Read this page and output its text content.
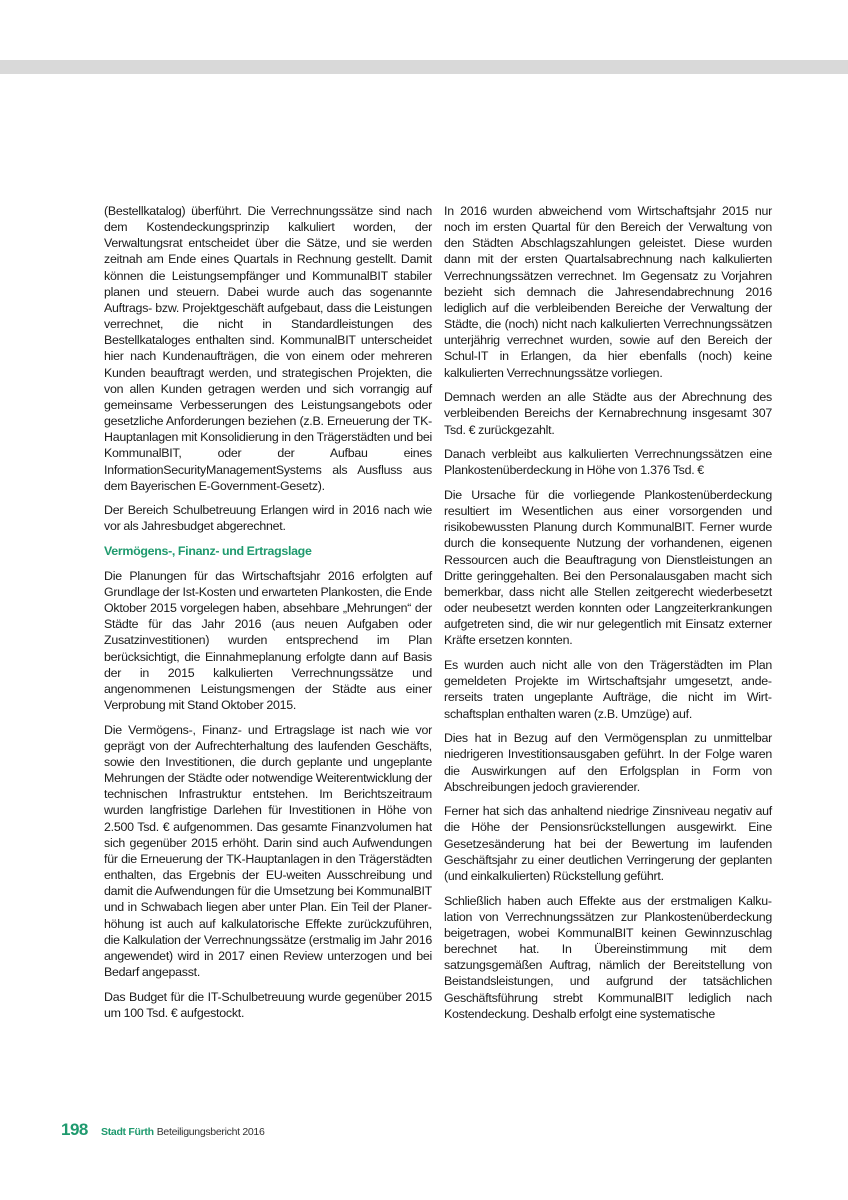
(Bestellkatalog) überführt. Die Verrechnungssätze sind nach dem Kostendeckungsprinzip kalkuliert worden, der Verwaltungsrat entscheidet über die Sätze, und sie werden zeitnah am Ende eines Quartals in Rechnung gestellt. Damit können die Leistungsempfänger und KommunalBIT stabiler planen und steuern. Dabei wurde auch das sogenannte Auftrags- bzw. Projektgeschäft aufgebaut, dass die Leistungen verrechnet, die nicht in Standardleistungen des Bestellkataloges enthalten sind. KommunalBIT unterscheidet hier nach Kundenaufträgen, die von einem oder mehreren Kunden beauftragt werden, und strategischen Projekten, die von allen Kunden getragen werden und sich vorrangig auf gemeinsame Verbesserungen des Leistungsangebots oder gesetzliche Anforderungen beziehen (z.B. Erneuerung der TK-Hauptanlagen mit Konsolidierung in den Trägerstädten und bei KommunalBIT, oder der Aufbau eines InformationSecurityManagementSystems als Ausfluss aus dem Bayerischen E-Government-Gesetz).

Der Bereich Schulbetreuung Erlangen wird in 2016 nach wie vor als Jahresbudget abgerechnet.

Vermögens-, Finanz- und Ertragslage

Die Planungen für das Wirtschaftsjahr 2016 erfolgten auf Grundlage der Ist-Kosten und erwarteten Plankosten, die Ende Oktober 2015 vorgelegen haben, absehbare „Mehrungen“ der Städte für das Jahr 2016 (aus neuen Aufgaben oder Zusatzinvestitionen) wurden entsprechend im Plan berücksichtigt, die Einnahmeplanung erfolgte dann auf Basis der in 2015 kalkulierten Verrechnungssätze und angenommenen Leistungsmengen der Städte aus einer Verprobung mit Stand Oktober 2015.

Die Vermögens-, Finanz- und Ertragslage ist nach wie vor geprägt von der Aufrechterhaltung des laufenden Geschäfts, sowie den Investitionen, die durch geplante und ungeplante Mehrungen der Städte oder notwendige Weiterentwicklung der technischen Infrastruktur entstehen. Im Berichtszeitraum wurden langfristige Darlehen für Investitionen in Höhe von 2.500 Tsd. € aufgenommen. Das gesamte Finanzvolumen hat sich gegenüber 2015 erhöht. Darin sind auch Aufwendungen für die Erneuerung der TK-Hauptanlagen in den Trägerstädten enthalten, das Ergebnis der EU-weiten Ausschreibung und damit die Aufwendungen für die Umsetzung bei KommunalBIT und in Schwabach liegen aber unter Plan. Ein Teil der Planerhöhung ist auch auf kalkulatorische Effekte zurückzuführen, die Kalkulation der Verrechnungssätze (erstmalig im Jahr 2016 angewendet) wird in 2017 einen Review unterzogen und bei Bedarf angepasst.

Das Budget für die IT-Schulbetreuung wurde gegenüber 2015 um 100 Tsd. € aufgestockt.

In 2016 wurden abweichend vom Wirtschaftsjahr 2015 nur noch im ersten Quartal für den Bereich der Verwaltung von den Städten Abschlagszahlungen geleistet. Diese wurden dann mit der ersten Quartalsabrechnung nach kalkulierten Verrechnungssätzen verrechnet. Im Gegensatz zu Vorjahren bezieht sich demnach die Jahresendabrechnung 2016 lediglich auf die verbleibenden Bereiche der Verwaltung der Städte, die (noch) nicht nach kalkulierten Verrechnungssätzen unterjährig verrechnet wurden, sowie auf den Bereich der Schul-IT in Erlangen, da hier ebenfalls (noch) keine kalkulierten Verrechnungssätze vorliegen.

Demnach werden an alle Städte aus der Abrechnung des verbleibenden Bereichs der Kernabrechnung insgesamt 307 Tsd. € zurückgezahlt.

Danach verbleibt aus kalkulierten Verrechnungssätzen eine Plankostenüberdeckung in Höhe von 1.376 Tsd. €

Die Ursache für die vorliegende Plankostenüberdeckung resultiert im Wesentlichen aus einer vorsorgenden und risikobewussten Planung durch KommunalBIT. Ferner wurde durch die konsequente Nutzung der vorhandenen, eigenen Ressourcen auch die Beauftragung von Dienstleistungen an Dritte geringgehalten. Bei den Personalausgaben macht sich bemerkbar, dass nicht alle Stellen zeitgerecht wiederbesetzt oder neubesetzt werden konnten oder Langzeiterkrankungen aufgetreten sind, die wir nur gelegentlich mit Einsatz externer Kräfte ersetzen konnten.

Es wurden auch nicht alle von den Trägerstädten im Plan gemeldeten Projekte im Wirtschaftsjahr umgesetzt, andererseits traten ungeplante Aufträge, die nicht im Wirtschaftsplan enthalten waren (z.B. Umzüge) auf.

Dies hat in Bezug auf den Vermögensplan zu unmittelbar niedrigeren Investitionsausgaben geführt. In der Folge waren die Auswirkungen auf den Erfolgsplan in Form von Abschreibungen jedoch gravierender.

Ferner hat sich das anhaltend niedrige Zinsniveau negativ auf die Höhe der Pensionsrückstellungen ausgewirkt. Eine Gesetzesänderung hat bei der Bewertung im laufenden Geschäftsjahr zu einer deutlichen Verringerung der geplanten (und einkalkulierten) Rückstellung geführt.

Schließlich haben auch Effekte aus der erstmaligen Kalkulation von Verrechnungssätzen zur Plankostenüberdeckung beigetragen, wobei KommunalBIT keinen Gewinnzuschlag berechnet hat. In Übereinstimmung mit dem satzungsgemäßen Auftrag, nämlich der Bereitstellung von Beistandsleistungen, und aufgrund der tatsächlichen Geschäftsführung strebt KommunalBIT lediglich nach Kostendeckung. Deshalb erfolgt eine systematische

198	Stadt Fürth Beteiligungsbericht 2016
